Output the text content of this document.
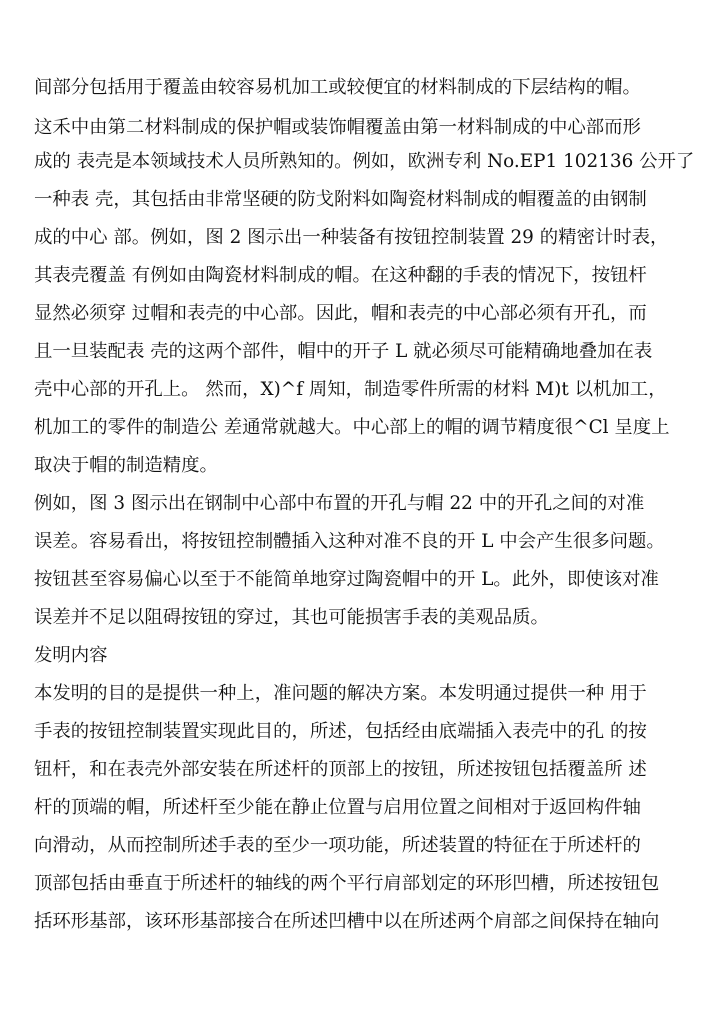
间部分包括用于覆盖由较容易机加工或较便宜的材料制成的下层结构的帽。
这禾中由第二材料制成的保护帽或装饰帽覆盖由第一材料制成的中心部而形
成的 表壳是本领域技术人员所熟知的。例如，欧洲专利 No.EP1 102136 公开了
一种表 壳，其包括由非常坚硬的防戈附料如陶瓷材料制成的帽覆盖的由钢制
成的中心 部。例如，图 2 图示出一种装备有按钮控制装置 29 的精密计时表，
其表壳覆盖 有例如由陶瓷材料制成的帽。在这种翻的手表的情况下，按钮杆
显然必须穿 过帽和表壳的中心部。因此，帽和表壳的中心部必须有开孔，而
且一旦装配表 壳的这两个部件，帽中的开子 L 就必须尽可能精确地叠加在表
壳中心部的开孔上。 然而，X)^f 周知，制造零件所需的材料 M)t 以机加工，
机加工的零件的制造公 差通常就越大。中心部上的帽的调节精度很^Cl 呈度上
取决于帽的制造精度。
例如，图 3 图示出在钢制中心部中布置的开孔与帽 22 中的开孔之间的对准
误差。容易看出，将按钮控制體插入这种对准不良的开 L 中会产生很多问题。
按钮甚至容易偏心以至于不能简单地穿过陶瓷帽中的开 L。此外，即使该对准
误差并不足以阻碍按钮的穿过，其也可能损害手表的美观品质。
发明内容
本发明的目的是提供一种上，准问题的解决方案。本发明通过提供一种 用于
手表的按钮控制装置实现此目的，所述，包括经由底端插入表壳中的孔 的按
钮杆，和在表壳外部安装在所述杆的顶部上的按钮，所述按钮包括覆盖所 述
杆的顶端的帽，所述杆至少能在静止位置与启用位置之间相对于返回构件轴
向滑动，从而控制所述手表的至少一项功能，所述装置的特征在于所述杆的
顶部包括由垂直于所述杆的轴线的两个平行肩部划定的环形凹槽，所述按钮包
括环形基部，该环形基部接合在所述凹槽中以在所述两个肩部之间保持在轴向
